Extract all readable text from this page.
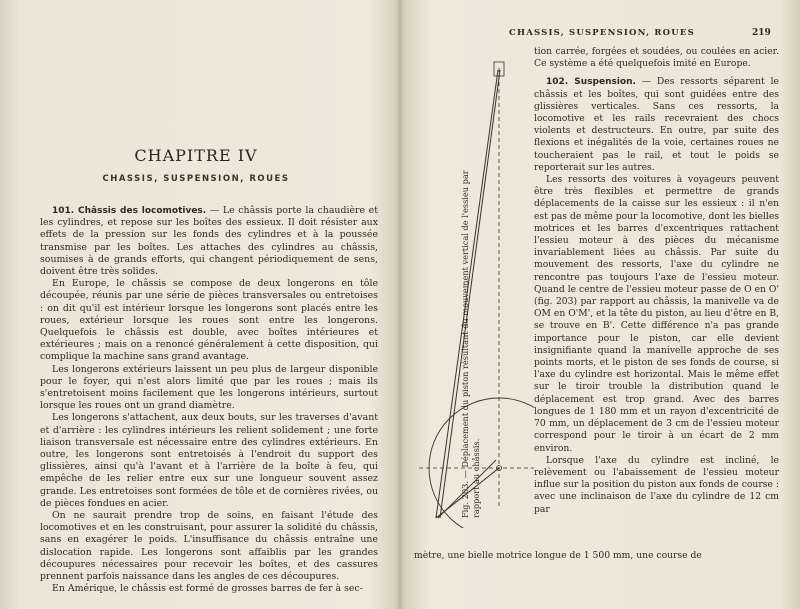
CHAPITRE IV
CHASSIS, SUSPENSION, ROUES

101. Châssis des locomotives. — Le châssis porte la chaudière et les cylindres, et repose sur les boîtes des essieux. Il doit résister aux effets de la pression sur les fonds des cylindres et à la poussée transmise par les boîtes. Les attaches des cylindres au châssis, soumises à de grands efforts, qui changent périodiquement de sens, doivent être très solides.

En Europe, le châssis se compose de deux longerons en tôle découpée, réunis par une série de pièces transversales ou entretoises : on dit qu'il est intérieur lorsque les longerons sont placés entre les roues, extérieur lorsque les roues sont entre les longerons. Quelquefois le châssis est double, avec boîtes intérieures et extérieures ; mais on a renoncé généralement à cette disposition, qui complique la machine sans grand avantage.

Les longerons extérieurs laissent un peu plus de largeur disponible pour le foyer, qui n'est alors limité que par les roues ; mais ils s'entretoisent moins facilement que les longerons intérieurs, surtout lorsque les roues ont un grand diamètre.

Les longerons s'attachent, aux deux bouts, sur les traverses d'avant et d'arrière : les cylindres intérieurs les relient solidement ; une forte liaison transversale est nécessaire entre des cylindres extérieurs. En outre, les longerons sont entretoisés à l'endroit du support des glissières, ainsi qu'à l'avant et à l'arrière de la boîte à feu, qui empêche de les relier entre eux sur une longueur souvent assez grande. Les entretoises sont formées de tôle et de cornières rivées, ou de pièces fondues en acier.

On ne saurait prendre trop de soins, en faisant l'étude des locomotives et en les construisant, pour assurer la solidité du châssis, sans en exagérer le poids. L'insuffisance du châssis entraîne une dislocation rapide. Les longerons sont affaiblis par les grandes découpures nécessaires pour recevoir les boîtes, et des cassures prennent parfois naissance dans les angles de ces découpures.

En Amérique, le châssis est formé de grosses barres de fer à sec-

CHASSIS, SUSPENSION, ROUES	219
Fig. 203. — Déplacement du piston résultant du mouvement vertical de l'essieu par rapport au châssis.

tion carrée, forgées et soudées, ou coulées en acier. Ce système a été quelquefois imité en Europe.

102. Suspension. — Des ressorts séparent le châssis et les boîtes, qui sont guidées entre des glissières verticales. Sans ces ressorts, la locomotive et les rails recevraient des chocs violents et destructeurs. En outre, par suite des flexions et inégalités de la voie, certaines roues ne toucheraient pas le rail, et tout le poids se reporterait sur les autres.

Les ressorts des voitures à voyageurs peuvent être très flexibles et permettre de grands déplacements de la caisse sur les essieux : il n'en est pas de même pour la locomotive, dont les bielles motrices et les barres d'excentriques rattachent l'essieu moteur à des pièces du mécanisme invariablement liées au châssis. Par suite du mouvement des ressorts, l'axe du cylindre ne rencontre pas toujours l'axe de l'essieu moteur. Quand le centre de l'essieu moteur passe de O en O' (fig. 203) par rapport au châssis, la manivelle va de OM en O'M', et la tête du piston, au lieu d'être en B, se trouve en B'. Cette différence n'a pas grande importance pour le piston, car elle devient insignifiante quand la manivelle approche de ses points morts, et le piston de ses fonds de course, si l'axe du cylindre est horizontal. Mais le même effet sur le tiroir trouble la distribution quand le déplacement est trop grand. Avec des barres longues de 1 180 mm et un rayon d'excentricité de 70 mm, un déplacement de 3 cm de l'essieu moteur correspond pour le tiroir à un écart de 2 mm environ.

Lorsque l'axe du cylindre est incliné, le relèvement ou l'abaissement de l'essieu moteur influe sur la position du piston aux fonds de course : avec une inclinaison de l'axe du cylindre de 12 cm par

mètre, une bielle motrice longue de 1 500 mm, une course de
